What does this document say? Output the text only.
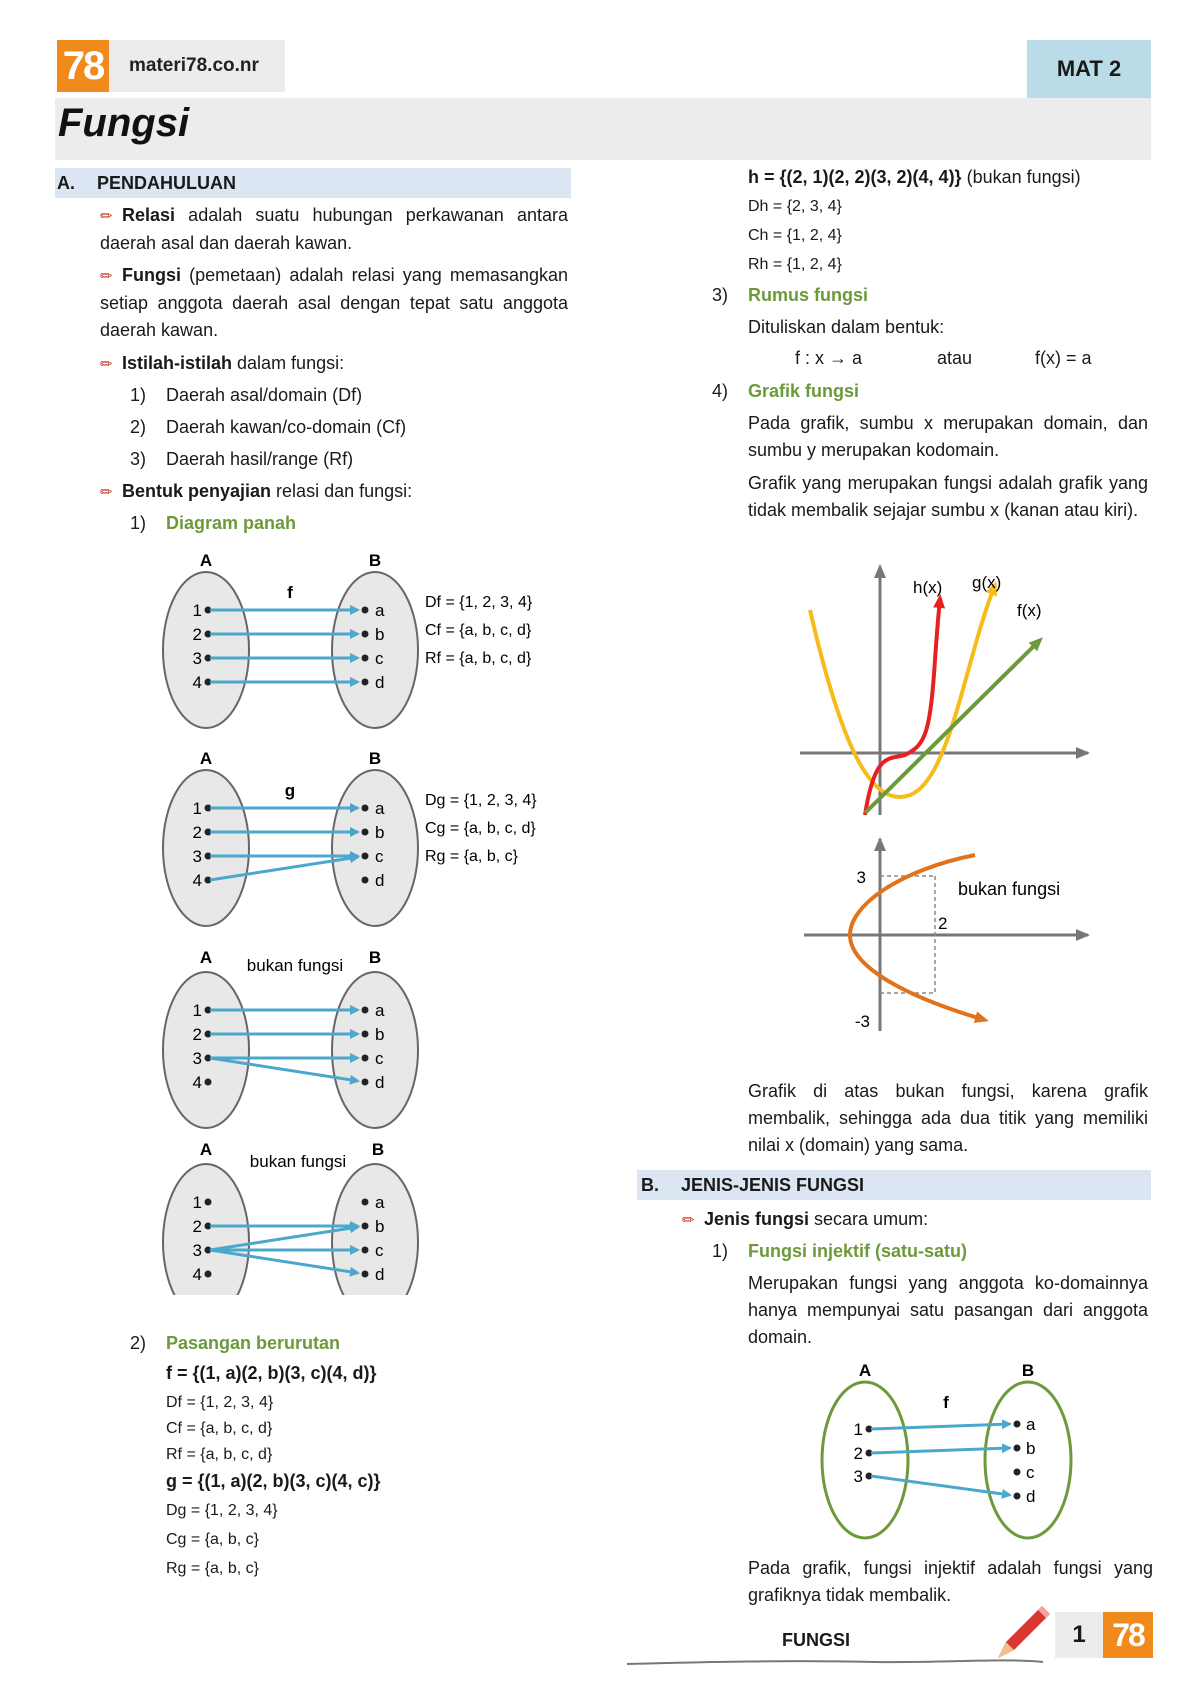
78	materi78.co.nr	MAT 2
Fungsi
A. PENDAHULUAN
✏ Relasi adalah suatu hubungan perkawanan antara daerah asal dan daerah kawan.
✏ Fungsi (pemetaan) adalah relasi yang memasangkan setiap anggota daerah asal dengan tepat satu anggota daerah kawan.
✏ Istilah-istilah dalam fungsi:
1) Daerah asal/domain (Df)
2) Daerah kawan/co-domain (Cf)
3) Daerah hasil/range (Rf)
✏ Bentuk penyajian relasi dan fungsi:
1) Diagram panah
A	B
f
1
2
3
4
a
b
c
d
Df = {1, 2, 3, 4}
Cf = {a, b, c, d}
Rf = {a, b, c, d}
A	B
g
1
2
3
4
a
b
c
d
Dg = {1, 2, 3, 4}
Cg = {a, b, c, d}
Rg = {a, b, c}
A	B
bukan fungsi
1
2
3
4
a
b
c
d
A	B
bukan fungsi
1
2
3
4
a
b
c
d
2) Pasangan berurutan
f = {(1, a)(2, b)(3, c)(4, d)}
Df = {1, 2, 3, 4}
Cf = {a, b, c, d}
Rf = {a, b, c, d}
g = {(1, a)(2, b)(3, c)(4, c)}
Dg = {1, 2, 3, 4}
Cg = {a, b, c}
Rg = {a, b, c}
h = {(2, 1)(2, 2)(3, 2)(4, 4)} (bukan fungsi)
Dh = {2, 3, 4}
Ch = {1, 2, 4}
Rh = {1, 2, 4}
3) Rumus fungsi
Dituliskan dalam bentuk:
f : x → a	atau	f(x) = a
4) Grafik fungsi
Pada grafik, sumbu x merupakan domain, dan sumbu y merupakan kodomain.
Grafik yang merupakan fungsi adalah grafik yang tidak membalik sejajar sumbu x (kanan atau kiri).
h(x) g(x)
f(x)
3
2
-3
bukan fungsi
Grafik di atas bukan fungsi, karena grafik membalik, sehingga ada dua titik yang memiliki nilai x (domain) yang sama.
B. JENIS-JENIS FUNGSI
✏ Jenis fungsi secara umum:
1) Fungsi injektif (satu-satu)
Merupakan fungsi yang anggota ko-domainnya hanya mempunyai satu pasangan dari anggota domain.
A	B
f
1
2
3
a
b
c
d
Pada grafik, fungsi injektif adalah fungsi yang grafiknya tidak membalik.
FUNGSI	1 78
